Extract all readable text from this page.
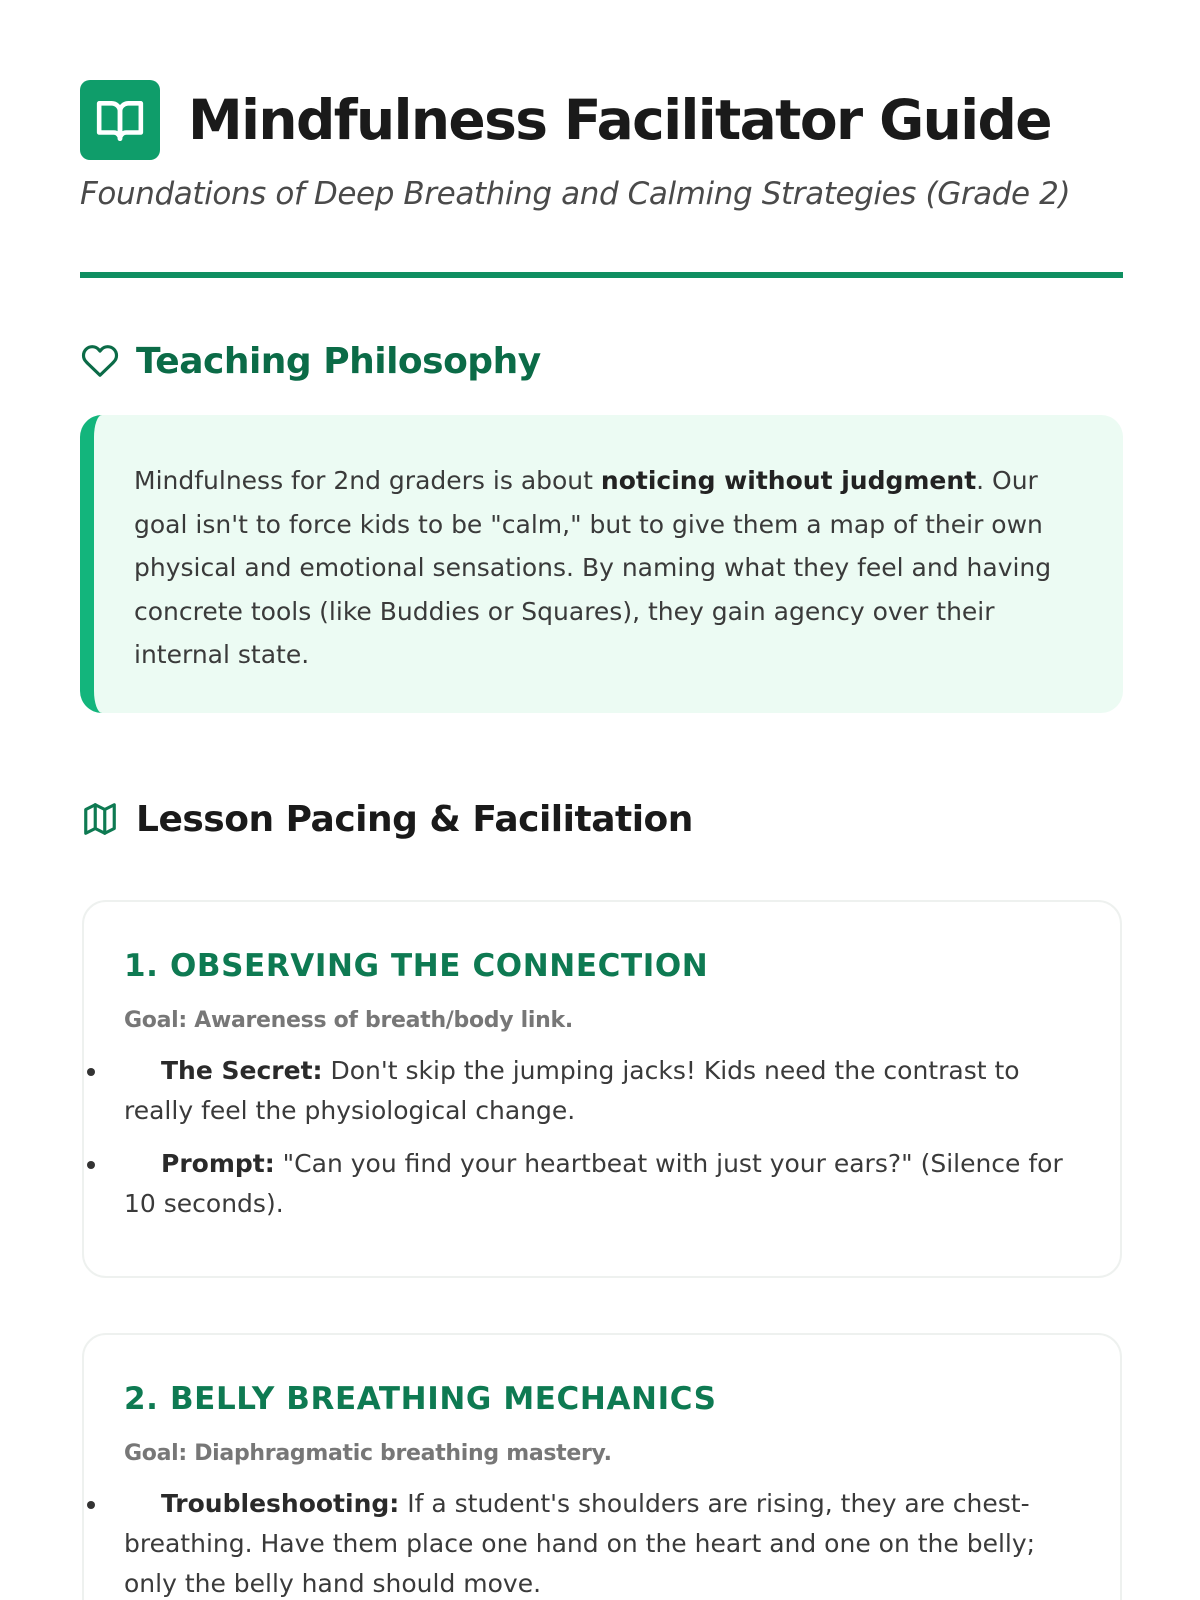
Mindfulness Facilitator Guide

Foundations of Deep Breathing and Calming Strategies (Grade 2)

Teaching Philosophy

Mindfulness for 2nd graders is about noticing without judgment. Our goal isn't to force kids to be "calm," but to give them a map of their own physical and emotional sensations. By naming what they feel and having concrete tools (like Buddies or Squares), they gain agency over their internal state.

Lesson Pacing & Facilitation
1. OBSERVING THE CONNECTION

Goal: Awareness of breath/body link.

The Secret: Don't skip the jumping jacks! Kids need the contrast to really feel the physiological change.
Prompt: "Can you find your heartbeat with just your ears?" (Silence for 10 seconds).
2. BELLY BREATHING MECHANICS

Goal: Diaphragmatic breathing mastery.

Troubleshooting: If a student's shoulders are rising, they are chest-breathing. Have them place one hand on the heart and one on the belly; only the belly hand should move.
